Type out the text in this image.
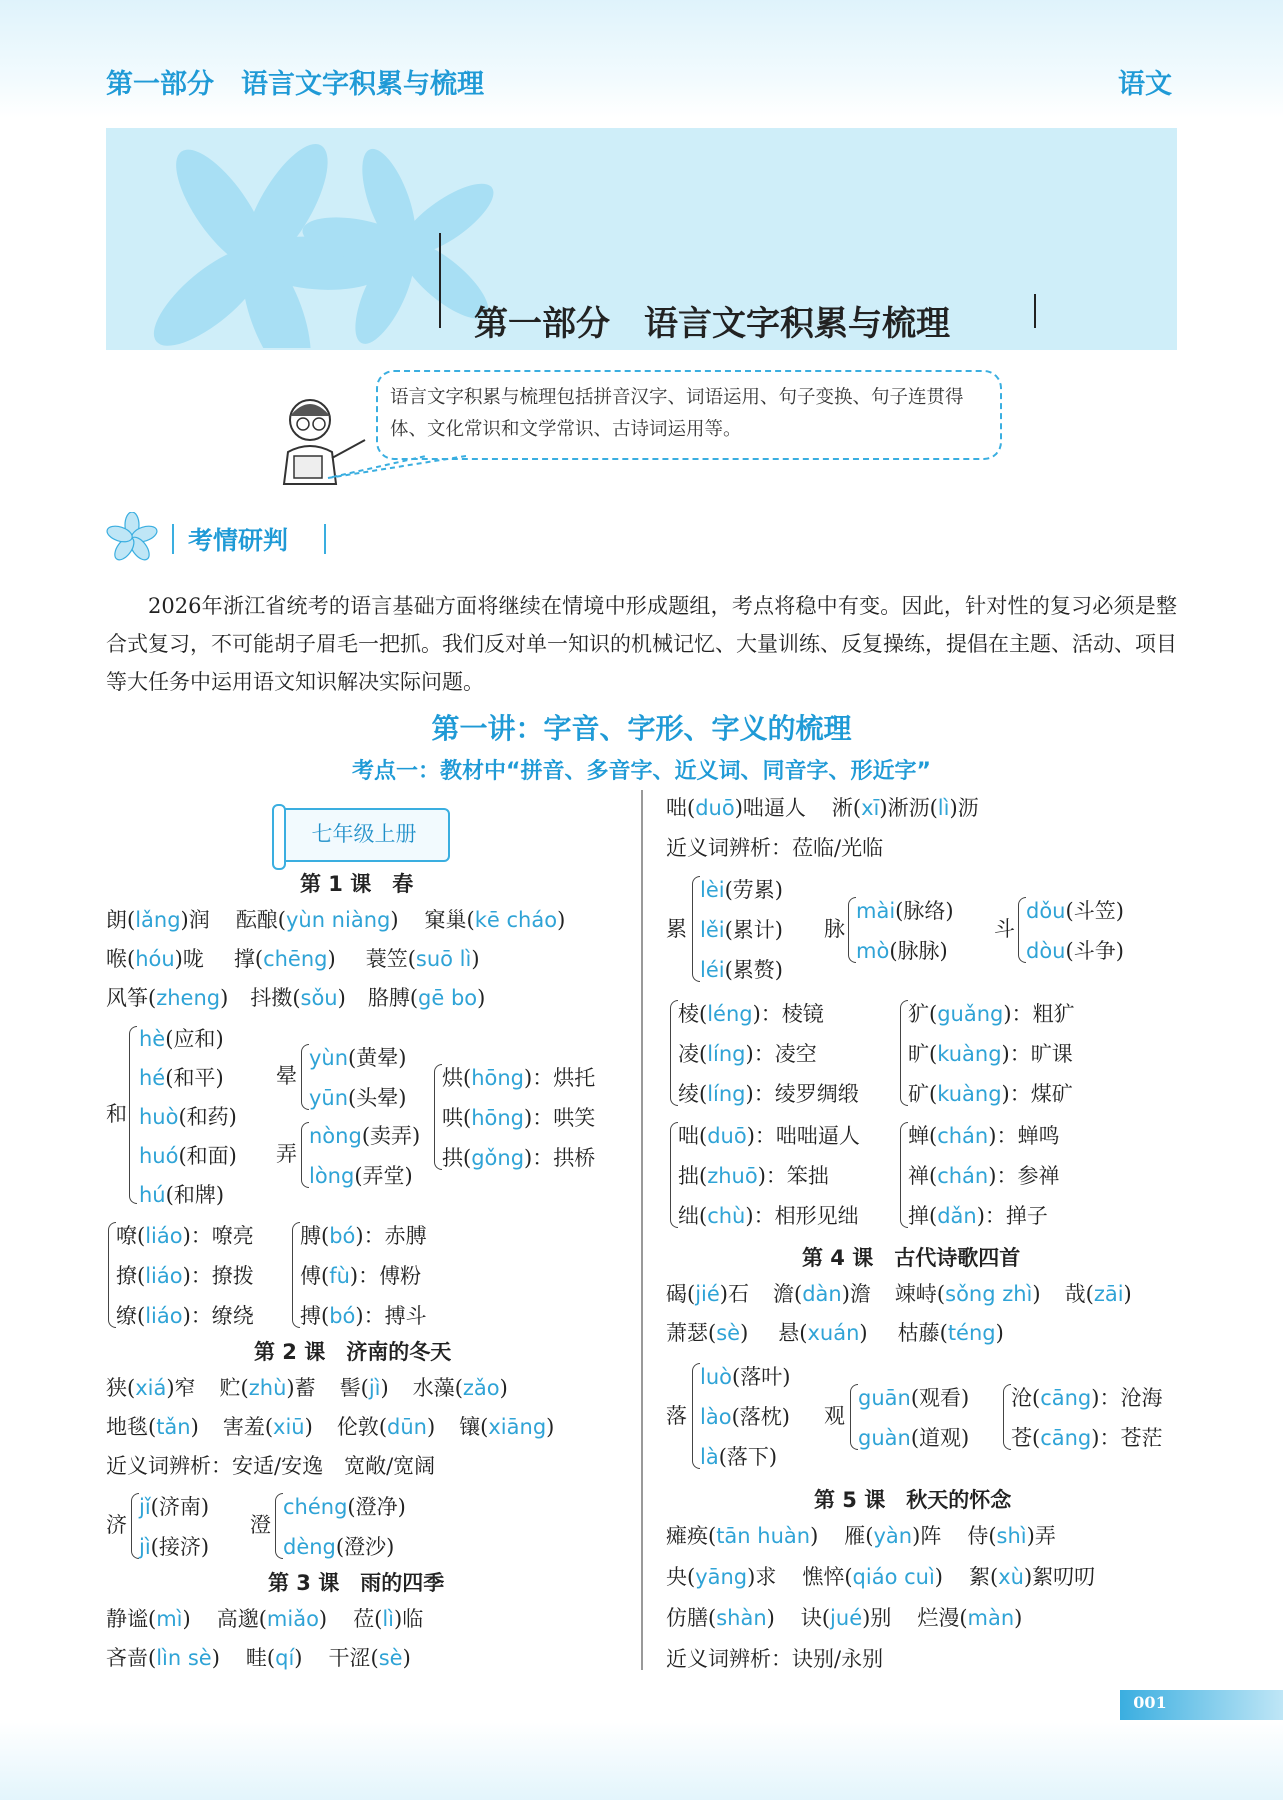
第一部分　语言文字积累与梳理	语文
第一部分　语言文字积累与梳理
语言文字积累与梳理包括拼音汉字、词语运用、句子变换、句子连贯得体、文化常识和文学常识、古诗词运用等。
考情研判
2026年浙江省统考的语言基础方面将继续在情境中形成题组，考点将稳中有变。因此，针对性的复习必须是整合式复习，不可能胡子眉毛一把抓。我们反对单一知识的机械记忆、大量训练、反复操练，提倡在主题、活动、项目等大任务中运用语文知识解决实际问题。
第一讲：字音、字形、字义的梳理
考点一：教材中“拼音、多音字、近义词、同音字、形近字”
七年级上册
第 1 课　春
朗(lǎng)润 酝酿(yùn niàng) 窠巢(kē cháo)
喉(hóu)咙 撑(chēng) 蓑笠(suō lì)
风筝(zheng) 抖擞(sǒu) 胳膊(gē bo)
和
hè(应和)
hé(和平)
huò(和药)
huó(和面)
hú(和牌)
晕
yùn(黄晕)
yūn(头晕)
弄
nòng(卖弄)
lòng(弄堂)
烘(hōng)：烘托
哄(hōng)：哄笑
拱(gǒng)：拱桥
嘹(liáo)：嘹亮
撩(liáo)：撩拨
缭(liáo)：缭绕
膊(bó)：赤膊
傅(fù)：傅粉
搏(bó)：搏斗
第 2 课　济南的冬天
狭(xiá)窄 贮(zhù)蓄 髻(jì) 水藻(zǎo)
地毯(tǎn) 害羞(xiū) 伦敦(dūn) 镶(xiāng)
近义词辨析：安适/安逸　宽敞/宽阔
济
jǐ(济南)
jì(接济)
澄
chéng(澄净)
dèng(澄沙)
第 3 课　雨的四季
静谧(mì) 高邈(miǎo) 莅(lì)临
吝啬(lìn sè) 畦(qí) 干涩(sè)
咄(duō)咄逼人 淅(xī)淅沥(lì)沥
近义词辨析：莅临/光临
累
lèi(劳累)
lěi(累计)
léi(累赘)
脉
mài(脉络)
mò(脉脉)
斗
dǒu(斗笠)
dòu(斗争)
棱(léng)：棱镜
凌(líng)：凌空
绫(líng)：绫罗绸缎
犷(guǎng)：粗犷
旷(kuàng)：旷课
矿(kuàng)：煤矿
咄(duō)：咄咄逼人
拙(zhuō)：笨拙
绌(chù)：相形见绌
蝉(chán)：蝉鸣
禅(chán)：参禅
掸(dǎn)：掸子
第 4 课　古代诗歌四首
碣(jié)石 澹(dàn)澹 竦峙(sǒng zhì) 哉(zāi)
萧瑟(sè) 悬(xuán) 枯藤(téng)
落
luò(落叶)
lào(落枕)
là(落下)
观
guān(观看)
guàn(道观)
沧(cāng)：沧海
苍(cāng)：苍茫
第 5 课　秋天的怀念
瘫痪(tān huàn) 雁(yàn)阵 侍(shì)弄
央(yāng)求 憔悴(qiáo cuì) 絮(xù)絮叨叨
仿膳(shàn) 诀(jué)别 烂漫(màn)
近义词辨析：诀别/永别
001
